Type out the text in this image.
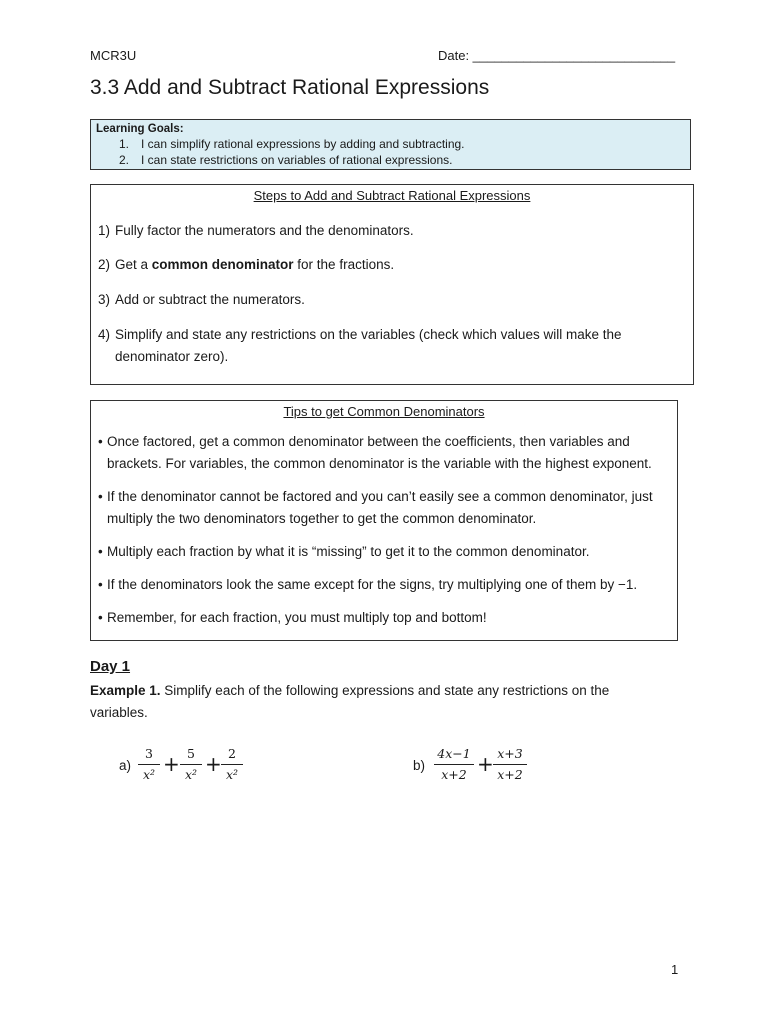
MCR3U	Date: ____________________________
3.3 Add and Subtract Rational Expressions
Learning Goals:
1. I can simplify rational expressions by adding and subtracting.
2. I can state restrictions on variables of rational expressions.
Steps to Add and Subtract Rational Expressions
1) Fully factor the numerators and the denominators.
2) Get a common denominator for the fractions.
3) Add or subtract the numerators.
4) Simplify and state any restrictions on the variables (check which values will make the denominator zero).
Tips to get Common Denominators
• Once factored, get a common denominator between the coefficients, then variables and brackets. For variables, the common denominator is the variable with the highest exponent.
• If the denominator cannot be factored and you can’t easily see a common denominator, just multiply the two denominators together to get the common denominator.
• Multiply each fraction by what it is “missing” to get it to the common denominator.
• If the denominators look the same except for the signs, try multiplying one of them by −1.
• Remember, for each fraction, you must multiply top and bottom!
Day 1
Example 1. Simplify each of the following expressions and state any restrictions on the variables.
a)
3
x² + 5
x² + 2
x²
b)
4x−1
x+2 + x+3
x+2
1
